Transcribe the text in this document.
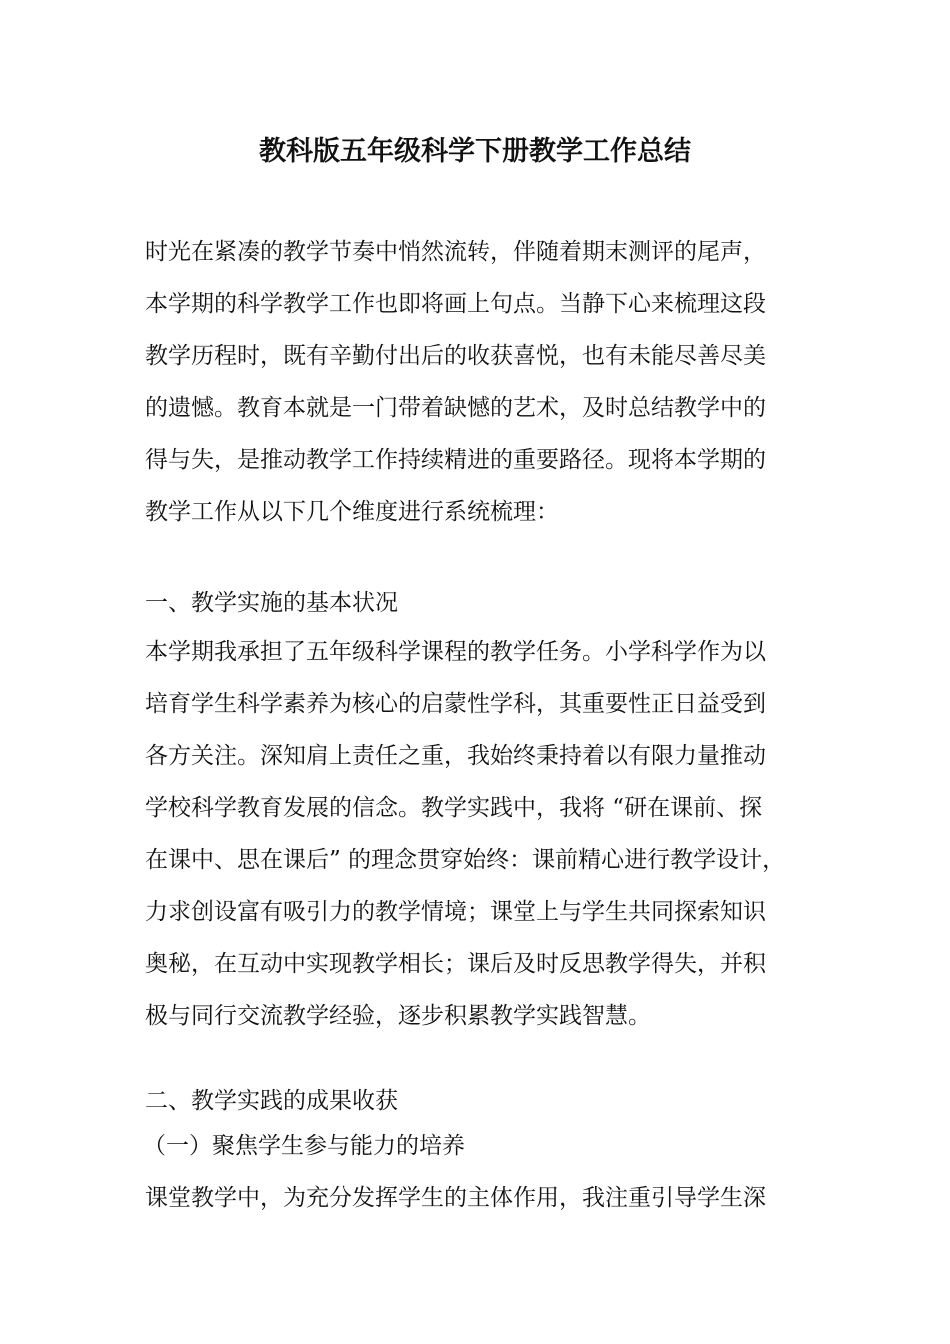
教科版五年级科学下册教学工作总结
时光在紧凑的教学节奏中悄然流转，伴随着期末测评的尾声，
本学期的科学教学工作也即将画上句点。当静下心来梳理这段
教学历程时，既有辛勤付出后的收获喜悦，也有未能尽善尽美
的遗憾。教育本就是一门带着缺憾的艺术，及时总结教学中的
得与失，是推动教学工作持续精进的重要路径。现将本学期的
教学工作从以下几个维度进行系统梳理：
一、教学实施的基本状况
本学期我承担了五年级科学课程的教学任务。小学科学作为以
培育学生科学素养为核心的启蒙性学科，其重要性正日益受到
各方关注。深知肩上责任之重，我始终秉持着以有限力量推动
学校科学教育发展的信念。教学实践中，我将 “研在课前、探
在课中、思在课后” 的理念贯穿始终：课前精心进行教学设计，
力求创设富有吸引力的教学情境；课堂上与学生共同探索知识
奥秘，在互动中实现教学相长；课后及时反思教学得失，并积
极与同行交流教学经验，逐步积累教学实践智慧。
二、教学实践的成果收获
（一）聚焦学生参与能力的培养
课堂教学中，为充分发挥学生的主体作用，我注重引导学生深
